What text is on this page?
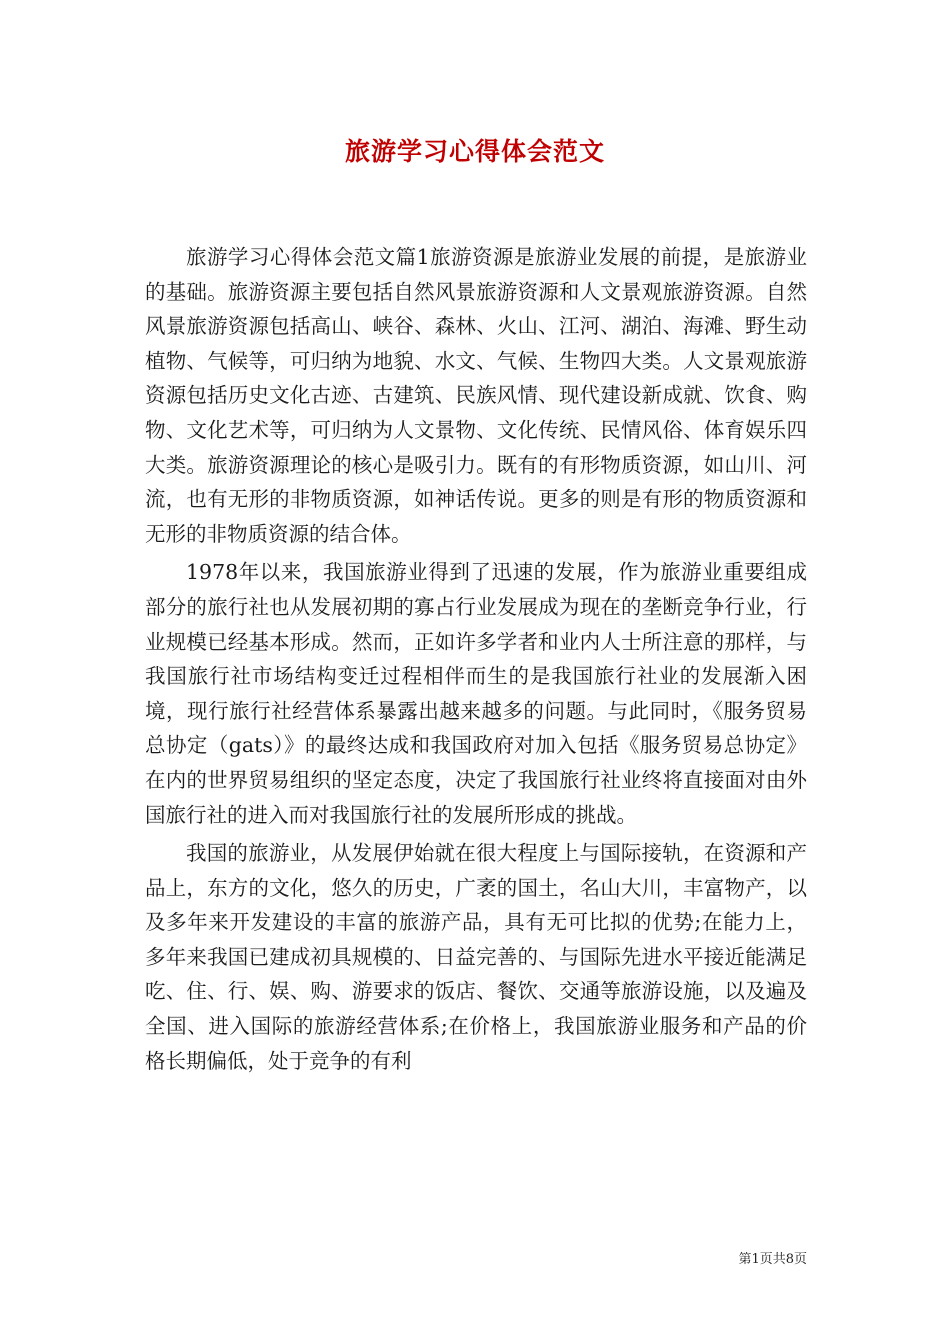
旅游学习心得体会范文

旅游学习心得体会范文篇1旅游资源是旅游业发展的前提，是旅游业的基础。旅游资源主要包括自然风景旅游资源和人文景观旅游资源。自然风景旅游资源包括高山、峡谷、森林、火山、江河、湖泊、海滩、野生动植物、气候等，可归纳为地貌、水文、气候、生物四大类。人文景观旅游资源包括历史文化古迹、古建筑、民族风情、现代建设新成就、饮食、购物、文化艺术等，可归纳为人文景物、文化传统、民情风俗、体育娱乐四大类。旅游资源理论的核心是吸引力。既有的有形物质资源，如山川、河流，也有无形的非物质资源，如神话传说。更多的则是有形的物质资源和无形的非物质资源的结合体。

1978年以来，我国旅游业得到了迅速的发展，作为旅游业重要组成部分的旅行社也从发展初期的寡占行业发展成为现在的垄断竞争行业，行业规模已经基本形成。然而，正如许多学者和业内人士所注意的那样，与我国旅行社市场结构变迁过程相伴而生的是我国旅行社业的发展渐入困境，现行旅行社经营体系暴露出越来越多的问题。与此同时，《服务贸易总协定（gats）》的最终达成和我国政府对加入包括《服务贸易总协定》在内的世界贸易组织的坚定态度，决定了我国旅行社业终将直接面对由外国旅行社的进入而对我国旅行社的发展所形成的挑战。

我国的旅游业，从发展伊始就在很大程度上与国际接轨，在资源和产品上，东方的文化，悠久的历史，广袤的国土，名山大川，丰富物产，以及多年来开发建设的丰富的旅游产品，具有无可比拟的优势;在能力上，多年来我国已建成初具规模的、日益完善的、与国际先进水平接近能满足吃、住、行、娱、购、游要求的饭店、餐饮、交通等旅游设施，以及遍及全国、进入国际的旅游经营体系;在价格上，我国旅游业服务和产品的价格长期偏低，处于竞争的有利

第1页共8页
